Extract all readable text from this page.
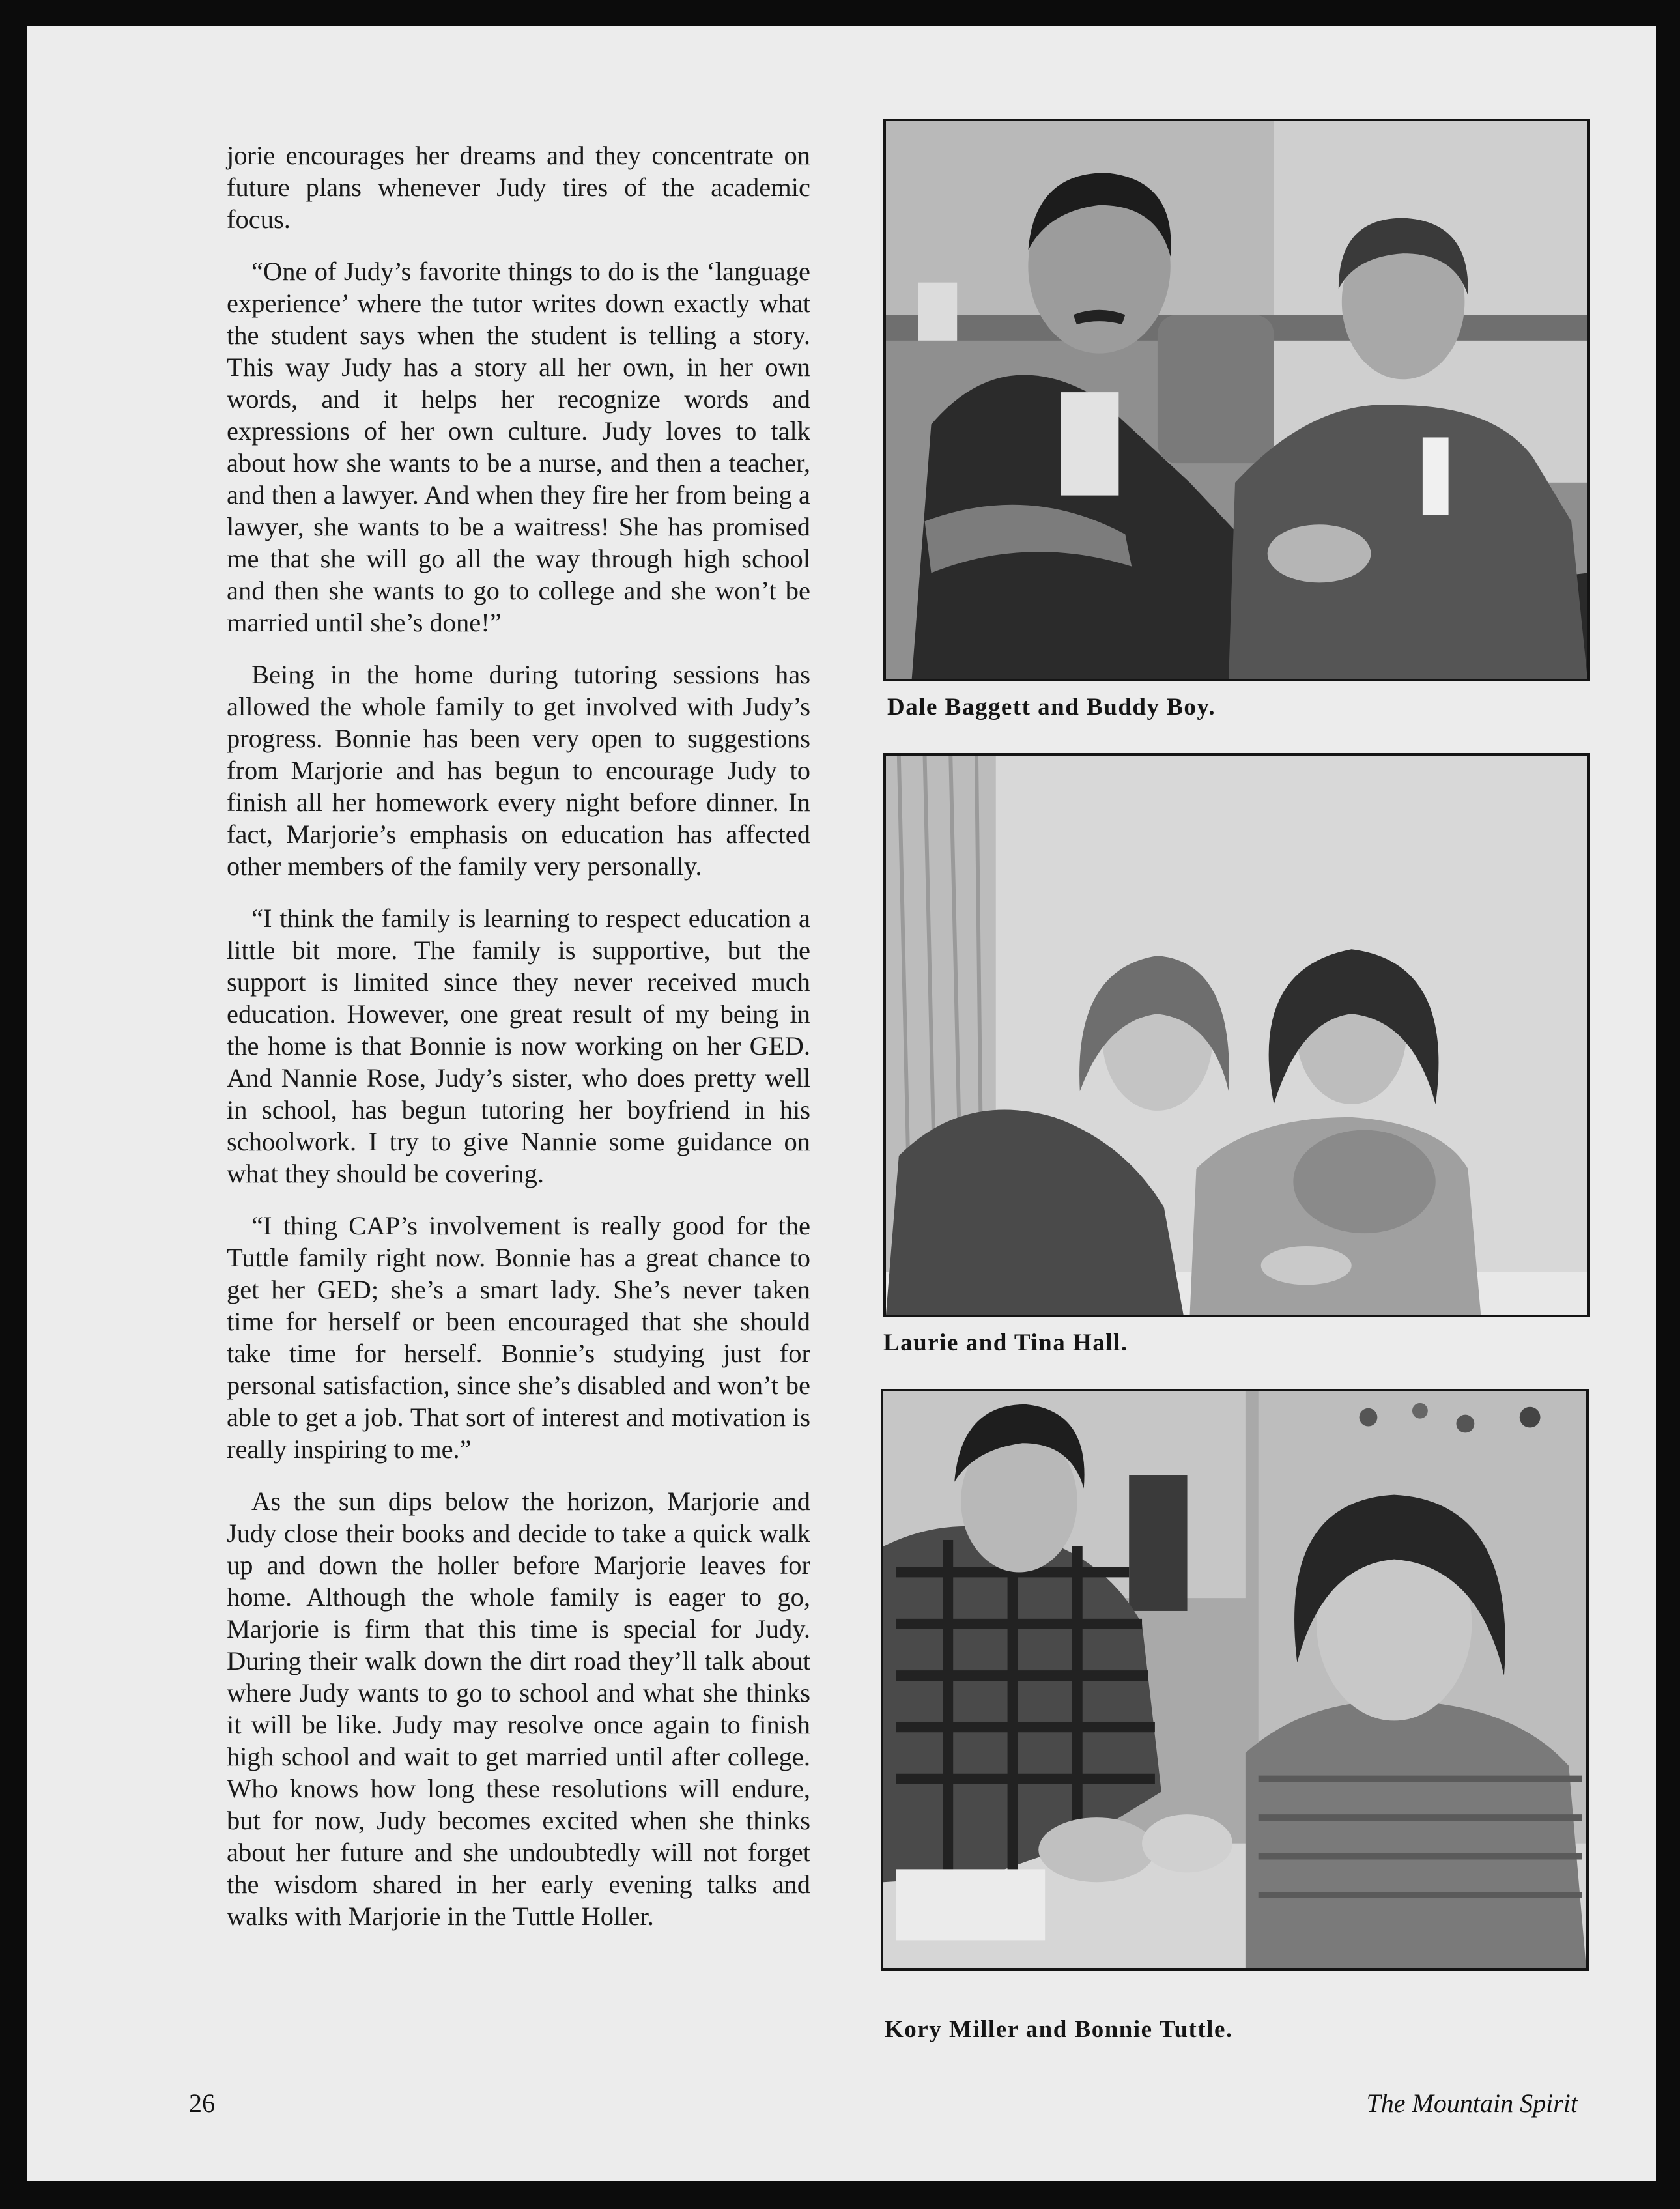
jorie encourages her dreams and they concentrate on future plans whenever Judy tires of the academic focus.

“One of Judy’s favorite things to do is the ‘language experience’ where the tutor writes down exactly what the student says when the student is telling a story. This way Judy has a story all her own, in her own words, and it helps her recognize words and expressions of her own culture. Judy loves to talk about how she wants to be a nurse, and then a teacher, and then a lawyer. And when they fire her from being a lawyer, she wants to be a waitress! She has promised me that she will go all the way through high school and then she wants to go to college and she won’t be married until she’s done!”

Being in the home during tutoring sessions has allowed the whole family to get involved with Judy’s progress. Bonnie has been very open to suggestions from Marjorie and has begun to encourage Judy to finish all her homework every night before dinner. In fact, Marjorie’s emphasis on education has affected other members of the family very personally.

“I think the family is learning to respect education a little bit more. The family is supportive, but the support is limited since they never received much education. However, one great result of my being in the home is that Bonnie is now working on her GED. And Nannie Rose, Judy’s sister, who does pretty well in school, has begun tutoring her boyfriend in his schoolwork. I try to give Nannie some guidance on what they should be covering.

“I thing CAP’s involvement is really good for the Tuttle family right now. Bonnie has a great chance to get her GED; she’s a smart lady. She’s never taken time for herself or been encouraged that she should take time for herself. Bonnie’s studying just for personal satisfaction, since she’s disabled and won’t be able to get a job. That sort of interest and motivation is really inspiring to me.”

As the sun dips below the horizon, Marjorie and Judy close their books and decide to take a quick walk up and down the holler before Marjorie leaves for home. Although the whole family is eager to go, Marjorie is firm that this time is special for Judy. During their walk down the dirt road they’ll talk about where Judy wants to go to school and what she thinks it will be like. Judy may resolve once again to finish high school and wait to get married until after college. Who knows how long these resolutions will endure, but for now, Judy becomes excited when she thinks about her future and she undoubtedly will not forget the wisdom shared in her early evening talks and walks with Marjorie in the Tuttle Holler.

Dale Baggett and Buddy Boy.
Laurie and Tina Hall.
Kory Miller and Bonnie Tuttle.
26	The Mountain Spirit
